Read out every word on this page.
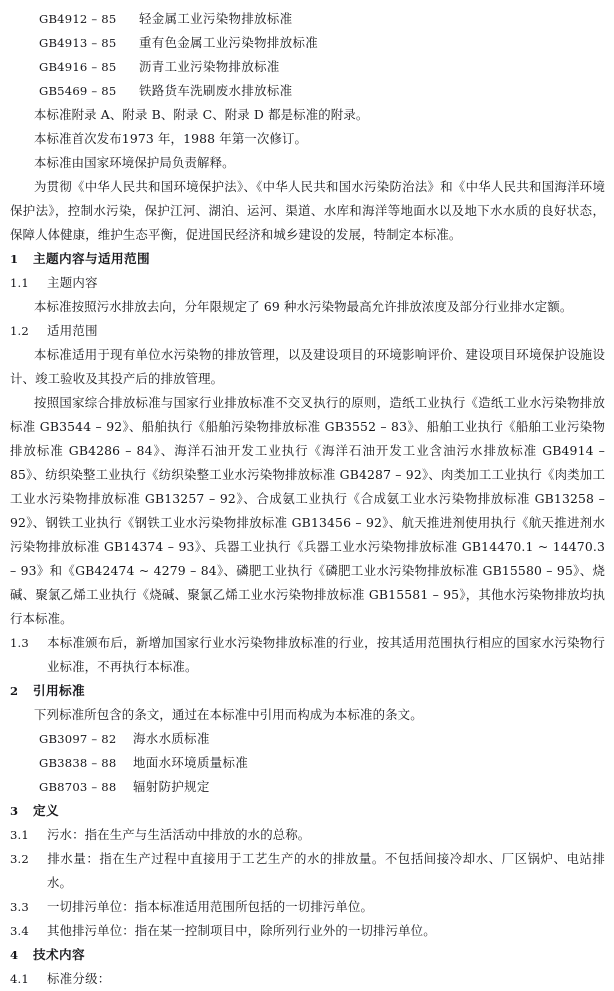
GB4912 – 85 轻金属工业污染物排放标准
GB4913 – 85 重有色金属工业污染物排放标准
GB4916 – 85 沥青工业污染物排放标准
GB5469 – 85 铁路货车洗刷废水排放标准

本标准附录 A、附录 B、附录 C、附录 D 都是标准的附录。

本标准首次发布1973 年，1988 年第一次修订。

本标准由国家环境保护局负责解释。

为贯彻《中华人民共和国环境保护法》、《中华人民共和国水污染防治法》和《中华人民共和国海洋环境保护法》，控制水污染，保护江河、湖泊、运河、渠道、水库和海洋等地面水以及地下水水质的良好状态，保障人体健康，维护生态平衡，促进国民经济和城乡建设的发展，特制定本标准。

1 主题内容与适用范围
1.1 主题内容

本标准按照污水排放去向，分年限规定了 69 种水污染物最高允许排放浓度及部分行业排水定额。

1.2 适用范围

本标准适用于现有单位水污染物的排放管理，以及建设项目的环境影响评价、建设项目环境保护设施设计、竣工验收及其投产后的排放管理。

按照国家综合排放标准与国家行业排放标准不交叉执行的原则，造纸工业执行《造纸工业水污染物排放标准 GB3544 – 92》、船舶执行《船舶污染物排放标准 GB3552 – 83》、船舶工业执行《船舶工业污染物排放标准 GB4286 – 84》、海洋石油开发工业执行《海洋石油开发工业含油污水排放标准 GB4914 – 85》、纺织染整工业执行《纺织染整工业水污染物排放标准 GB4287 – 92》、肉类加工工业执行《肉类加工工业水污染物排放标准 GB13257 – 92》、合成氨工业执行《合成氨工业水污染物排放标准 GB13258 – 92》、钢铁工业执行《钢铁工业水污染物排放标准 GB13456 – 92》、航天推进剂使用执行《航天推进剂水污染物排放标准 GB14374 – 93》、兵器工业执行《兵器工业水污染物排放标准 GB14470.1 ~ 14470.3 – 93》和《GB42474 ~ 4279 – 84》、磷肥工业执行《磷肥工业水污染物排放标准 GB15580 – 95》、烧碱、聚氯乙烯工业执行《烧碱、聚氯乙烯工业水污染物排放标准 GB15581 – 95》，其他水污染物排放均执行本标准。

1.3 本标准颁布后，新增加国家行业水污染物排放标准的行业，按其适用范围执行相应的国家水污染物行业标准，不再执行本标准。

2 引用标准

下列标准所包含的条文，通过在本标准中引用而构成为本标准的条文。

GB3097 – 82 海水水质标准
GB3838 – 88 地面水环境质量标准
GB8703 – 88 辐射防护规定
3 定义

3.1 污水：指在生产与生活活动中排放的水的总称。

3.2 排水量：指在生产过程中直接用于工艺生产的水的排放量。不包括间接冷却水、厂区锅炉、电站排水。

3.3 一切排污单位：指本标准适用范围所包括的一切排污单位。

3.4 其他排污单位：指在某一控制项目中，除所列行业外的一切排污单位。

4 技术内容
4.1 标准分级：
